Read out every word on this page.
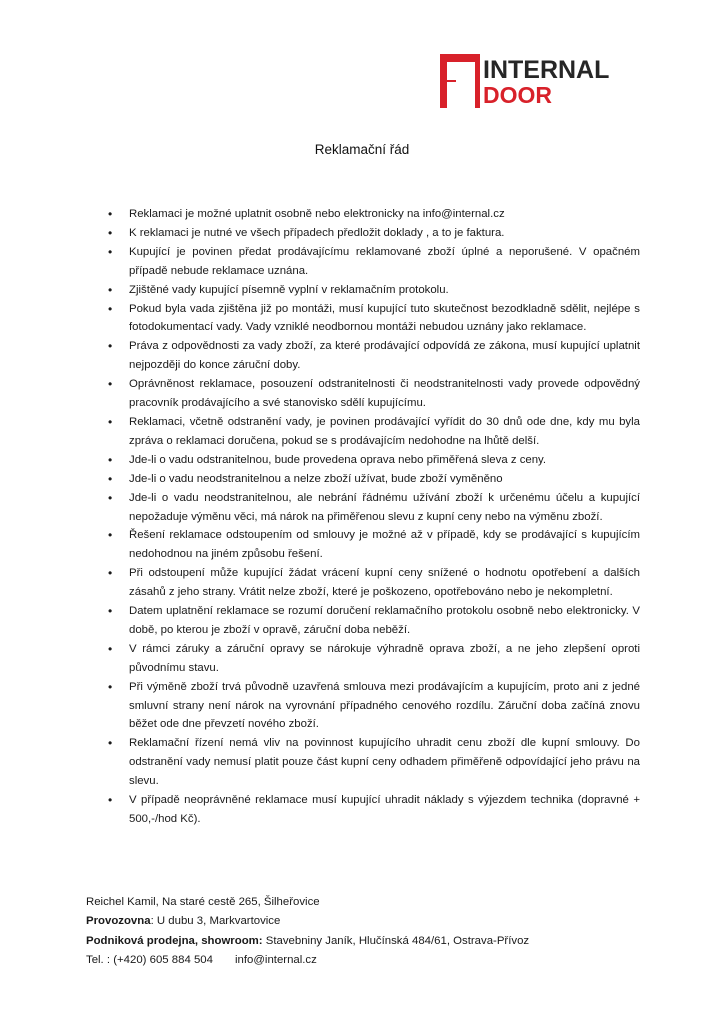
INTERNAL
DOOR
Reklamační řád
• Reklamaci je možné uplatnit osobně nebo elektronicky na info@internal.cz
• K reklamaci je nutné ve všech případech předložit doklady , a to je faktura.
• Kupující je povinen předat prodávajícímu reklamované zboží úplné a neporušené. V opačném případě nebude reklamace uznána.
• Zjištěné vady kupující písemně vyplní v reklamačním protokolu.
• Pokud byla vada zjištěna již po montáži, musí kupující tuto skutečnost bezodkladně sdělit, nejlépe s fotodokumentací vady. Vady vzniklé neodbornou montáži nebudou uznány jako reklamace.
• Práva z odpovědnosti za vady zboží, za které prodávající odpovídá ze zákona, musí kupující uplatnit nejpozději do konce záruční doby.
• Oprávněnost reklamace, posouzení odstranitelnosti či neodstranitelnosti vady provede odpovědný pracovník prodávajícího a své stanovisko sdělí kupujícímu.
• Reklamaci, včetně odstranění vady, je povinen prodávající vyřídit do 30 dnů ode dne, kdy mu byla zpráva o reklamaci doručena, pokud se s prodávajícím nedohodne na lhůtě delší.
• Jde-li o vadu odstranitelnou, bude provedena oprava nebo přiměřená sleva z ceny.
• Jde-li o vadu neodstranitelnou a nelze zboží užívat, bude zboží vyměněno
• Jde-li o vadu neodstranitelnou, ale nebrání řádnému užívání zboží k určenému účelu a kupující nepožaduje výměnu věci, má nárok na přiměřenou slevu z kupní ceny nebo na výměnu zboží.
• Řešení reklamace odstoupením od smlouvy je možné až v případě, kdy se prodávající s kupujícím nedohodnou na jiném způsobu řešení.
• Při odstoupení může kupující žádat vrácení kupní ceny snížené o hodnotu opotřebení a dalších zásahů z jeho strany. Vrátit nelze zboží, které je poškozeno, opotřebováno nebo je nekompletní.
• Datem uplatnění reklamace se rozumí doručení reklamačního protokolu osobně nebo elektronicky. V době, po kterou je zboží v opravě, záruční doba neběží.
• V rámci záruky a záruční opravy se nárokuje výhradně oprava zboží, a ne jeho zlepšení oproti původnímu stavu.
• Při výměně zboží trvá původně uzavřená smlouva mezi prodávajícím a kupujícím, proto ani z jedné smluvní strany není nárok na vyrovnání případného cenového rozdílu. Záruční doba začíná znovu běžet ode dne převzetí nového zboží.
• Reklamační řízení nemá vliv na povinnost kupujícího uhradit cenu zboží dle kupní smlouvy. Do odstranění vady nemusí platit pouze část kupní ceny odhadem přiměřeně odpovídající jeho právu na slevu.
• V případě neoprávněné reklamace musí kupující uhradit náklady s výjezdem technika (dopravné + 500,-/hod Kč).
Reichel Kamil, Na staré cestě 265, Šilheřovice
Provozovna: U dubu 3, Markvartovice
Podniková prodejna, showroom: Stavebniny Janík, Hlučínská 484/61, Ostrava-Přívoz
Tel. : (+420) 605 884 504 info@internal.cz
